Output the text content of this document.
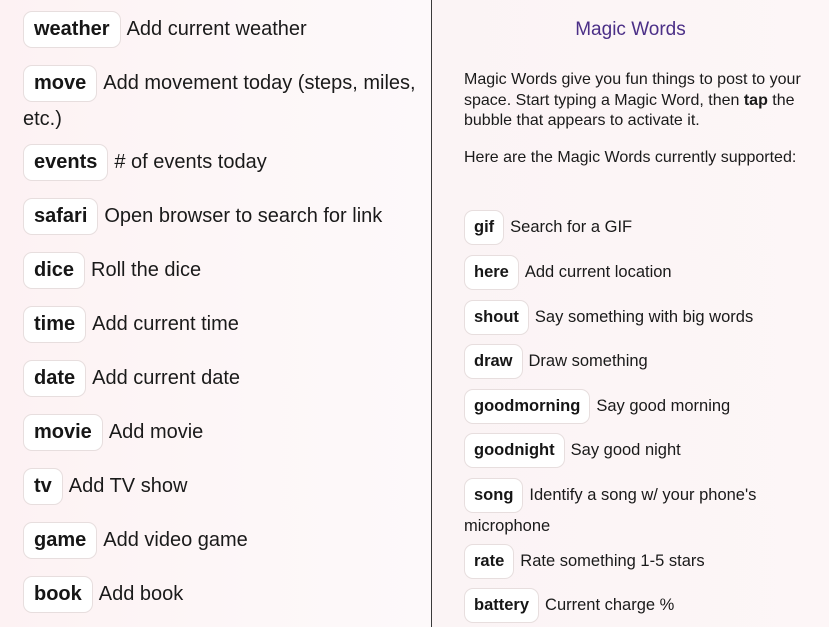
weather Add current weather
move Add movement today (steps, miles, etc.)
events # of events today
safari Open browser to search for link
dice Roll the dice
time Add current time
date Add current date
movie Add movie
tv Add TV show
game Add video game
book Add book
Magic Words
Magic Words give you fun things to post to your space. Start typing a Magic Word, then tap the bubble that appears to activate it.
Here are the Magic Words currently supported:
gif Search for a GIF
here Add current location
shout Say something with big words
draw Draw something
goodmorning Say good morning
goodnight Say good night
song Identify a song w/ your phone's microphone
rate Rate something 1-5 stars
battery Current charge %
